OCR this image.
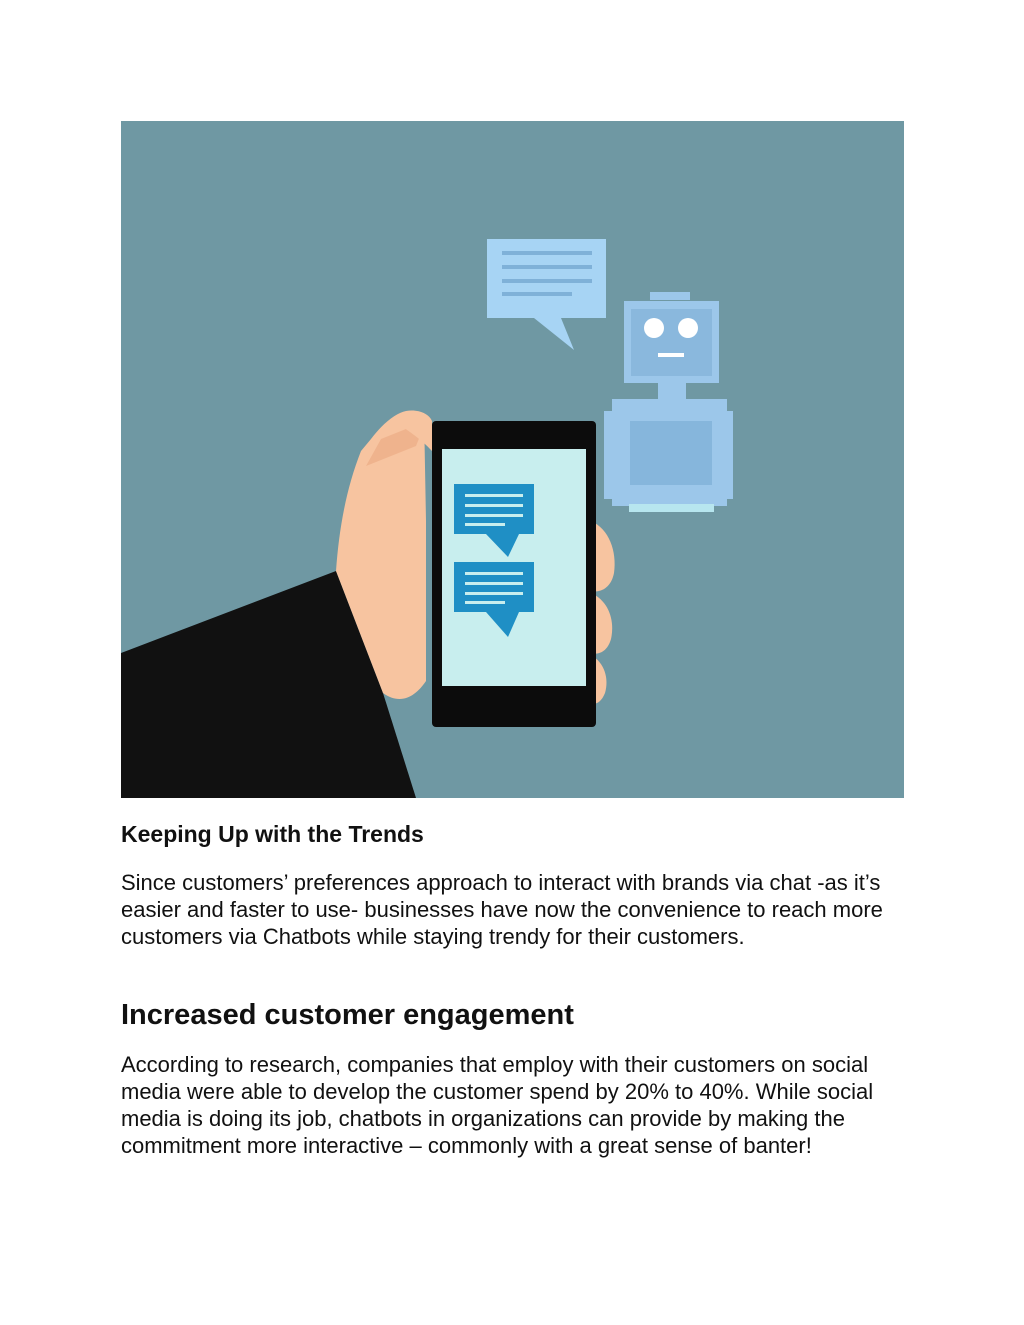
Keeping Up with the Trends

Since customers’ preferences approach to interact with brands via chat -as it’s easier and faster to use- businesses have now the convenience to reach more customers via Chatbots while staying trendy for their customers.

Increased customer engagement

According to research, companies that employ with their customers on social media were able to develop the customer spend by 20% to 40%. While social media is doing its job, chatbots in organizations can provide by making the commitment more interactive – commonly with a great sense of banter!
